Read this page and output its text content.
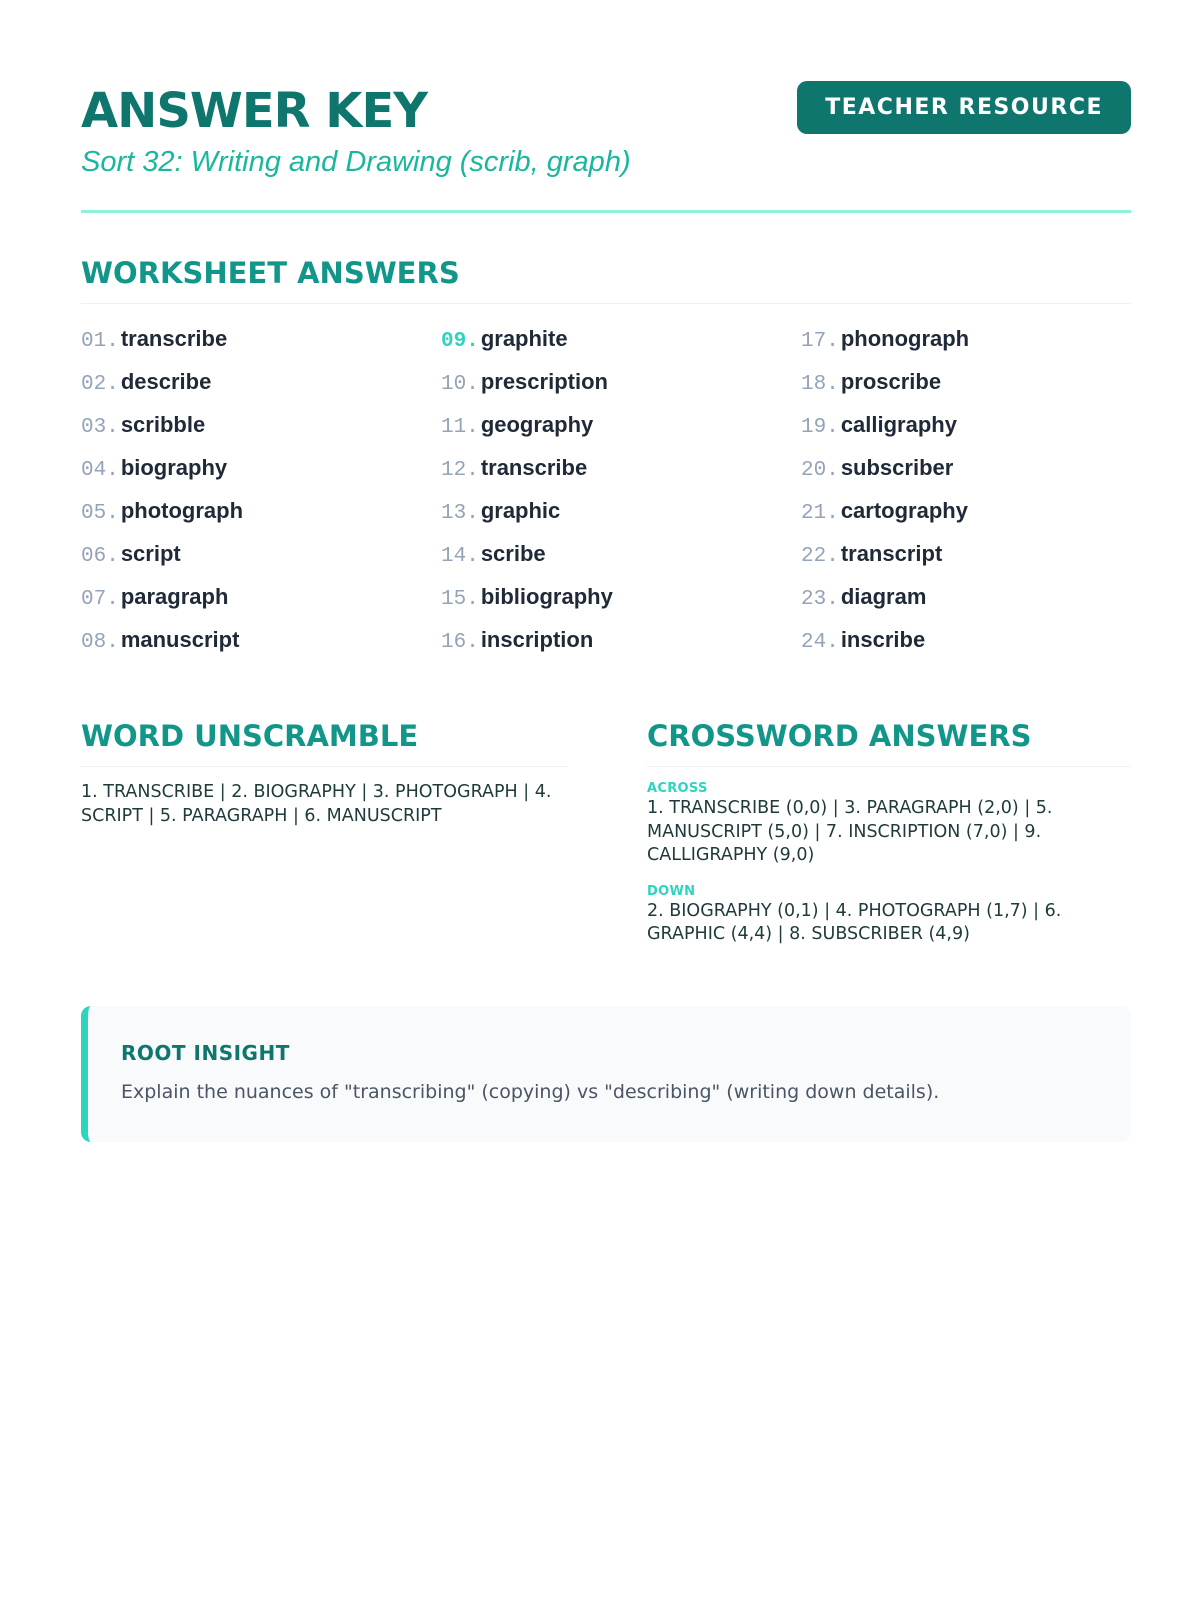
ANSWER KEY
Sort 32: Writing and Drawing (scrib, graph)
TEACHER RESOURCE
WORKSHEET ANSWERS
01.transcribe
02.describe
03.scribble
04.biography
05.photograph
06.script
07.paragraph
08.manuscript
09.graphite
10.prescription
11.geography
12.transcribe
13.graphic
14.scribe
15.bibliography
16.inscription
17.phonograph
18.proscribe
19.calligraphy
20.subscriber
21.cartography
22.transcript
23.diagram
24.inscribe
WORD UNSCRAMBLE
1. TRANSCRIBE | 2. BIOGRAPHY | 3. PHOTOGRAPH | 4. SCRIPT | 5. PARAGRAPH | 6. MANUSCRIPT
CROSSWORD ANSWERS
ACROSS
1. TRANSCRIBE (0,0) | 3. PARAGRAPH (2,0) | 5. MANUSCRIPT (5,0) | 7. INSCRIPTION (7,0) | 9. CALLIGRAPHY (9,0)
DOWN
2. BIOGRAPHY (0,1) | 4. PHOTOGRAPH (1,7) | 6. GRAPHIC (4,4) | 8. SUBSCRIBER (4,9)
ROOT INSIGHT
Explain the nuances of "transcribing" (copying) vs "describing" (writing down details).
